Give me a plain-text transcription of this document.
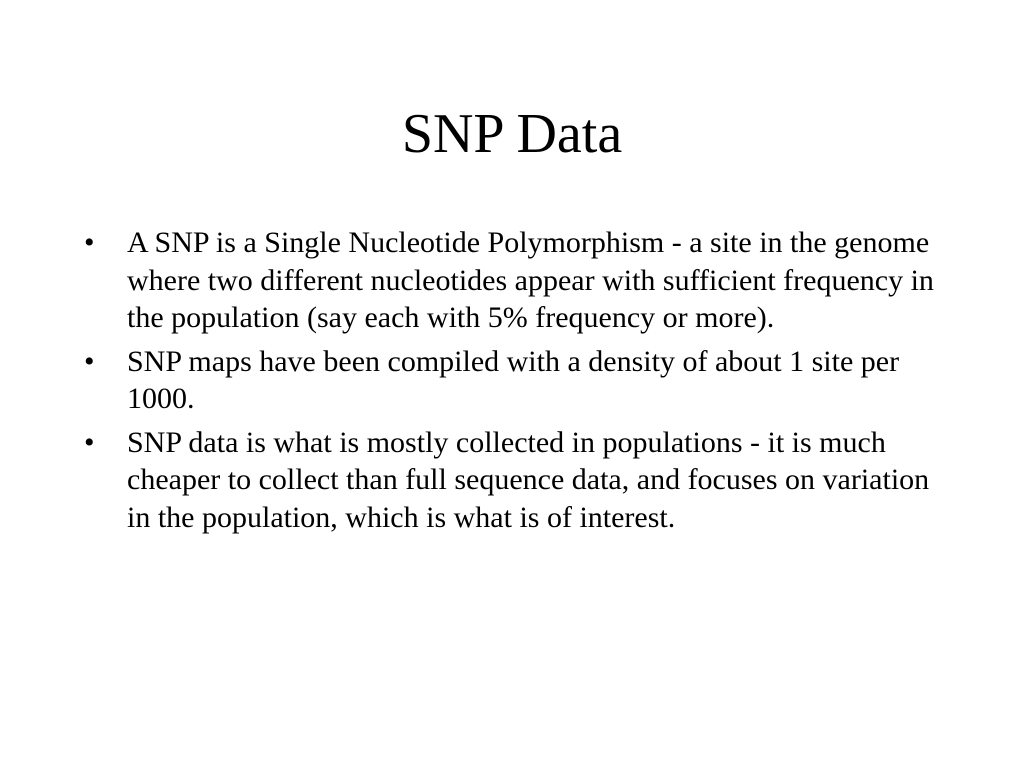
SNP Data
•	A SNP is a Single Nucleotide Polymorphism - a site in the genome where two different nucleotides appear with sufficient frequency in the population (say each with 5% frequency or more).
•	SNP maps have been compiled with a density of about 1 site per 1000.
•	SNP data is what is mostly collected in populations - it is much cheaper to collect than full sequence data, and focuses on variation in the population, which is what is of interest.
